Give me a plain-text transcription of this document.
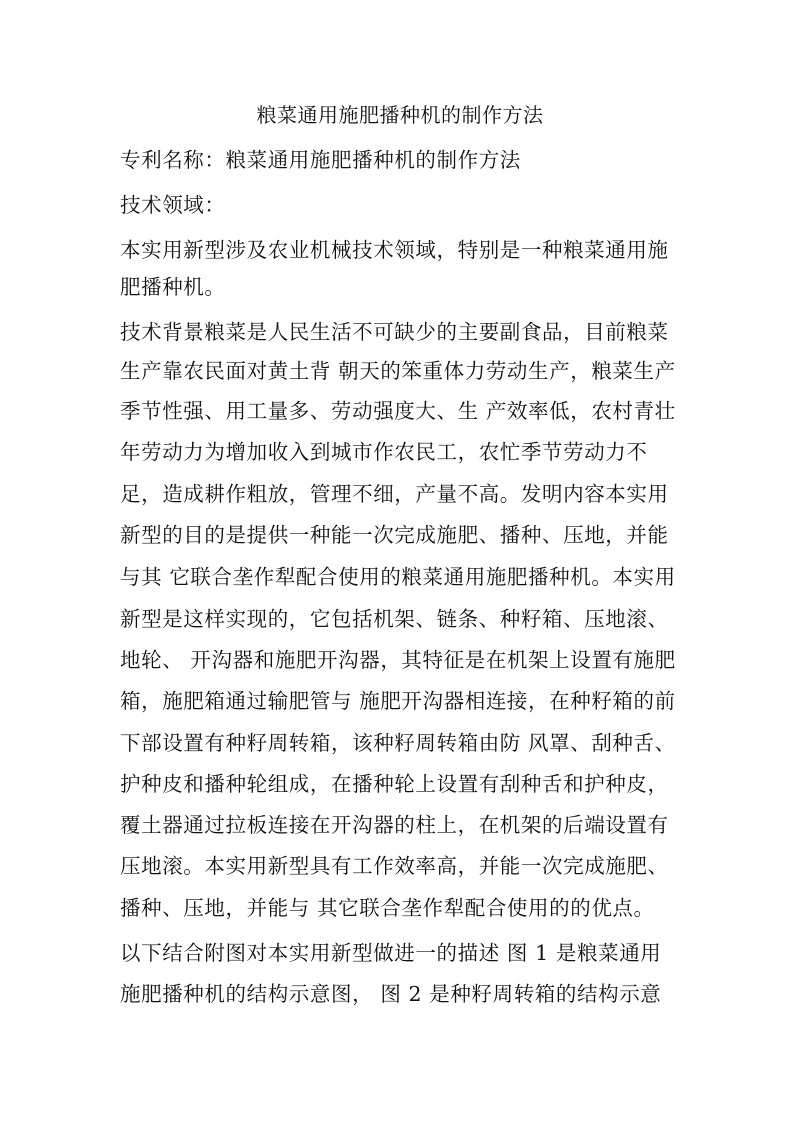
粮菜通用施肥播种机的制作方法
专利名称：粮菜通用施肥播种机的制作方法
技术领域：
本实用新型涉及农业机械技术领域，特别是一种粮菜通用施
肥播种机。
技术背景粮菜是人民生活不可缺少的主要副食品，目前粮菜
生产靠农民面对黄土背 朝天的笨重体力劳动生产，粮菜生产
季节性强、用工量多、劳动强度大、生 产效率低，农村青壮
年劳动力为增加收入到城市作农民工，农忙季节劳动力不
足，造成耕作粗放，管理不细，产量不高。发明内容本实用
新型的目的是提供一种能一次完成施肥、播种、压地，并能
与其 它联合垄作犁配合使用的粮菜通用施肥播种机。本实用
新型是这样实现的，它包括机架、链条、种籽箱、压地滚、
地轮、 开沟器和施肥开沟器，其特征是在机架上设置有施肥
箱，施肥箱通过输肥管与 施肥开沟器相连接，在种籽箱的前
下部设置有种籽周转箱，该种籽周转箱由防 风罩、刮种舌、
护种皮和播种轮组成，在播种轮上设置有刮种舌和护种皮，
覆土器通过拉板连接在开沟器的柱上，在机架的后端设置有
压地滚。本实用新型具有工作效率高，并能一次完成施肥、
播种、压地，并能与 其它联合垄作犁配合使用的的优点。
以下结合附图对本实用新型做进一的描述 图 1 是粮菜通用
施肥播种机的结构示意图， 图 2 是种籽周转箱的结构示意
